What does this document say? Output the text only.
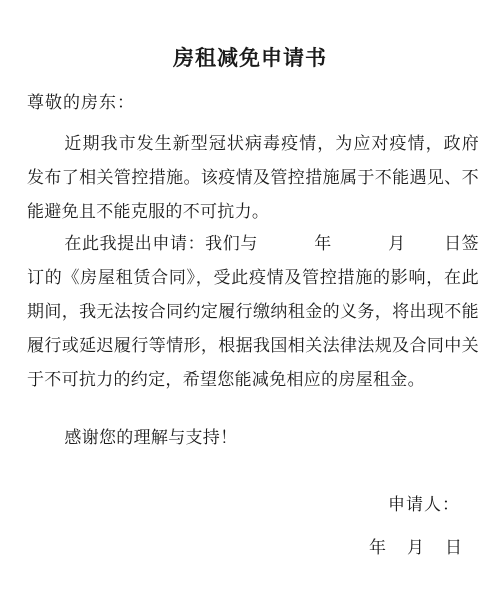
房租减免申请书
尊敬的房东：

近期我市发生新型冠状病毒疫情，为应对疫情，政府发布了相关管控措施。该疫情及管控措施属于不能遇见、不能避免且不能克服的不可抗力。

在此我提出申请：我们与	年	月 日签订的《房屋租赁合同》，受此疫情及管控措施的影响，在此期间，我无法按合同约定履行缴纳租金的义务，将出现不能履行或延迟履行等情形，根据我国相关法律法规及合同中关于不可抗力的约定，希望您能减免相应的房屋租金。

感谢您的理解与支持！

申请人：
年 月 日
